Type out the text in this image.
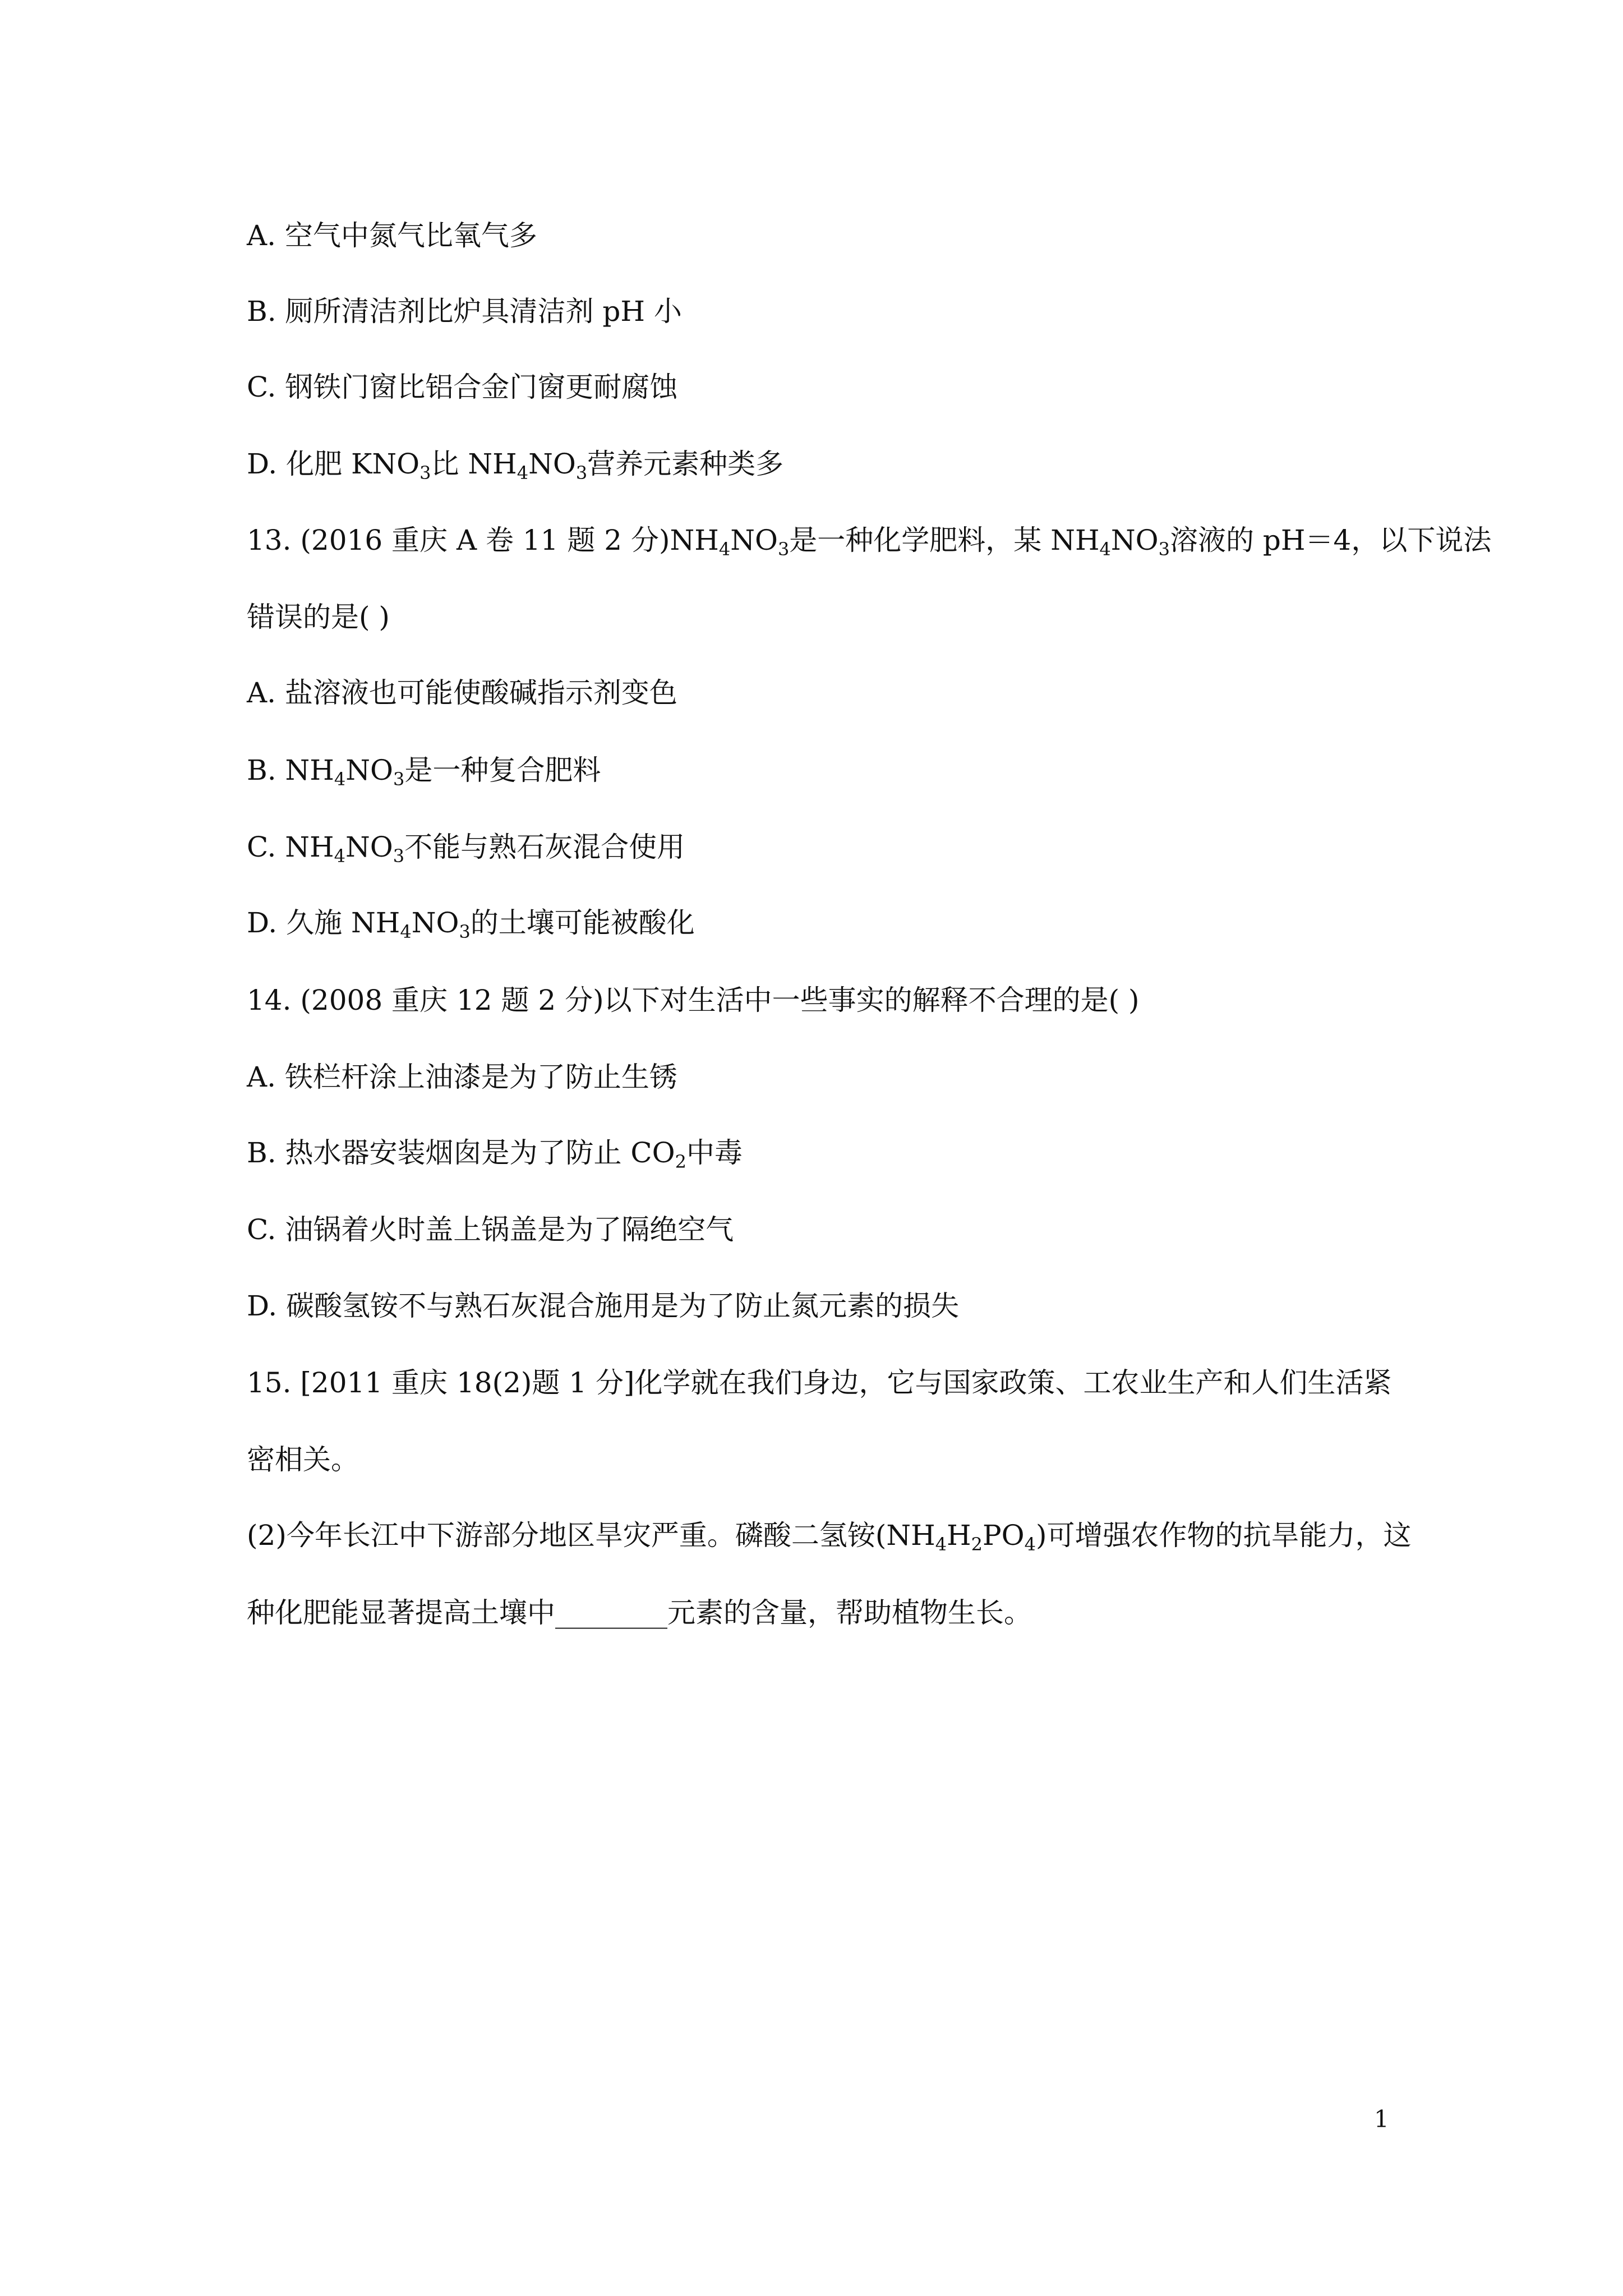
A. 空气中氮气比氧气多
B. 厕所清洁剂比炉具清洁剂 pH 小
C. 钢铁门窗比铝合金门窗更耐腐蚀
D. 化肥 $KNO_3$比 $NH_4NO_3$营养元素种类多
13. (2016 重庆 A 卷 11 题 2 分)$NH_4NO_3$是一种化学肥料，某 $NH_4NO_3$溶液的 pH＝4，以下说法
错误的是( )
A. 盐溶液也可能使酸碱指示剂变色
B. $NH_4NO_3$是一种复合肥料
C. $NH_4NO_3$不能与熟石灰混合使用
D. 久施 $NH_4NO_3$的土壤可能被酸化
14. (2008 重庆 12 题 2 分)以下对生活中一些事实的解释不合理的是( )
A. 铁栏杆涂上油漆是为了防止生锈
B. 热水器安装烟囱是为了防止 $CO_2$中毒
C. 油锅着火时盖上锅盖是为了隔绝空气
D. 碳酸氢铵不与熟石灰混合施用是为了防止氮元素的损失
15. [2011 重庆 18(2)题 1 分]化学就在我们身边，它与国家政策、工农业生产和人们生活紧
密相关。
(2)今年长江中下游部分地区旱灾严重。磷酸二氢铵$(NH_4H_2PO_4)$可增强农作物的抗旱能力，这
种化肥能显著提高土壤中________元素的含量，帮助植物生长。
1
